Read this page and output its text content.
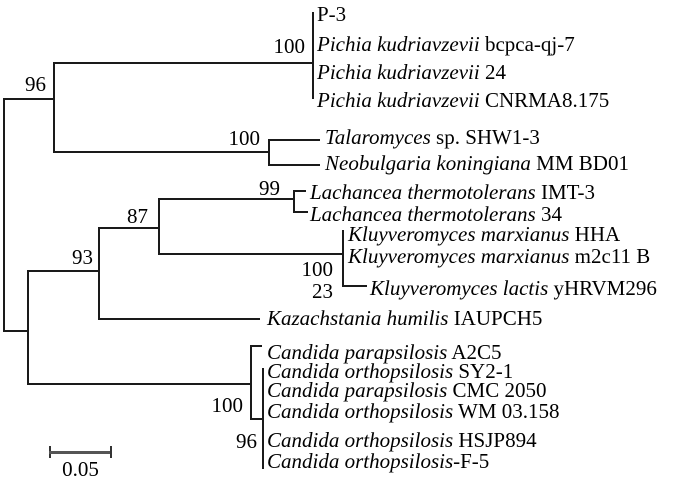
P-3
Pichia kudriavzevii bcpca-qj-7
Pichia kudriavzevii 24
Pichia kudriavzevii CNRMA8.175
Talaromyces sp. SHW1-3
Neobulgaria koningiana MM BD01
Lachancea thermotolerans IMT-3
Lachancea thermotolerans 34
Kluyveromyces marxianus HHA
Kluyveromyces marxianus m2c11 B
Kluyveromyces lactis yHRVM296
Kazachstania humilis IAUPCH5
Candida parapsilosis A2C5
Candida orthopsilosis SY2-1
Candida parapsilosis CMC 2050
Candida orthopsilosis WM 03.158
Candida orthopsilosis HSJP894
Candida orthopsilosis-F-5
96
100
100
99
87
93	100
23
100
96
0.05
